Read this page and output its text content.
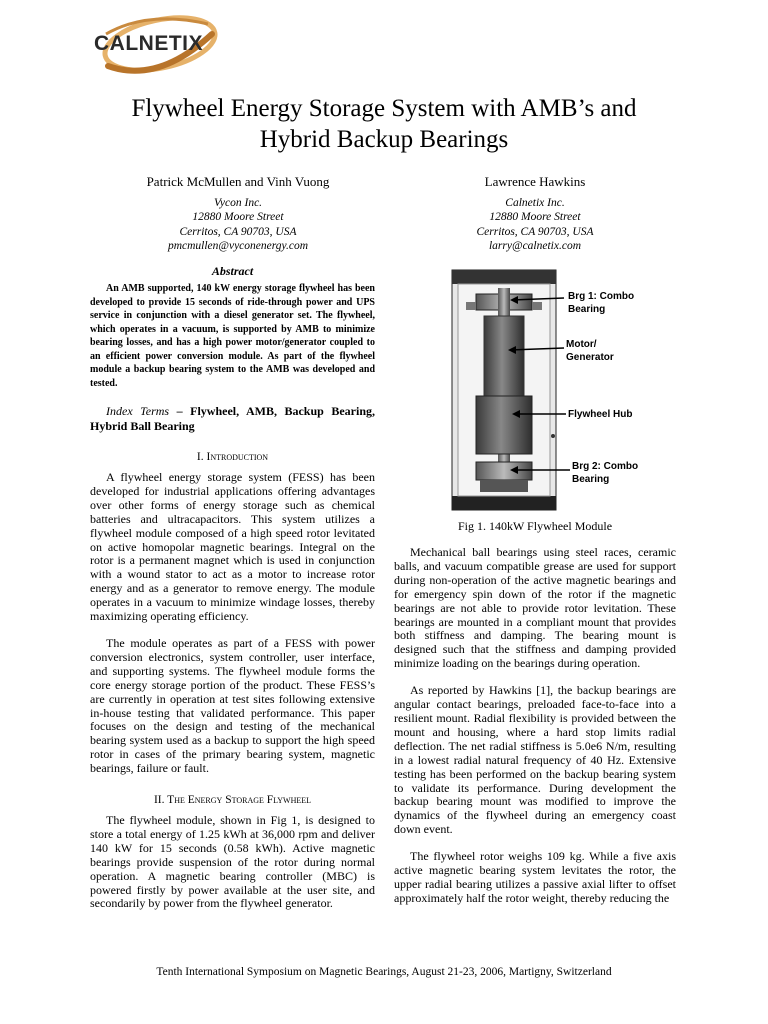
CALNETIX
Flywheel Energy Storage System with AMB’s and
Hybrid Backup Bearings
Patrick McMullen and Vinh Vuong
Vycon Inc.
12880 Moore Street
Cerritos, CA 90703, USA
pmcmullen@vyconenergy.com
Lawrence Hawkins
Calnetix Inc.
12880 Moore Street
Cerritos, CA 90703, USA
larry@calnetix.com
Abstract

An AMB supported, 140 kW energy storage flywheel has been developed to provide 15 seconds of ride-through power and UPS service in conjunction with a diesel generator set. The flywheel, which operates in a vacuum, is supported by AMB to minimize bearing losses, and has a high power motor/generator coupled to an efficient power conversion module. As part of the flywheel module a backup bearing system to the AMB was developed and tested.

Index Terms – Flywheel, AMB, Backup Bearing, Hybrid Ball Bearing

I. Introduction

A flywheel energy storage system (FESS) has been developed for industrial applications offering advantages over other forms of energy storage such as chemical batteries and ultracapacitors. This system utilizes a flywheel module composed of a high speed rotor levitated on active homopolar magnetic bearings. Integral on the rotor is a permanent magnet which is used in conjunction with a wound stator to act as a motor to increase rotor energy and as a generator to remove energy. The module operates in a vacuum to minimize windage losses, thereby maximizing operating efficiency.

The module operates as part of a FESS with power conversion electronics, system controller, user interface, and supporting systems. The flywheel module forms the core energy storage portion of the product. These FESS’s are currently in operation at test sites following extensive in-house testing that validated performance. This paper focuses on the design and testing of the mechanical bearing system used as a backup to support the high speed rotor in cases of the primary bearing system, magnetic bearings, failure or fault.

II. The Energy Storage Flywheel

The flywheel module, shown in Fig 1, is designed to store a total energy of 1.25 kWh at 36,000 rpm and deliver 140 kW for 15 seconds (0.58 kWh). Active magnetic bearings provide suspension of the rotor during normal operation. A magnetic bearing controller (MBC) is powered firstly by power available at the user site, and secondarily by power from the flywheel generator.

Brg 1: Combo
Bearing
Motor/
Generator
Flywheel Hub
Brg 2: Combo
Bearing
Fig 1. 140kW Flywheel Module

Mechanical ball bearings using steel races, ceramic balls, and vacuum compatible grease are used for support during non-operation of the active magnetic bearings and for emergency spin down of the rotor if the magnetic bearings are not able to provide rotor levitation. These bearings are mounted in a compliant mount that provides both stiffness and damping. The bearing mount is designed such that the stiffness and damping provided minimize loading on the bearings during operation.

As reported by Hawkins [1], the backup bearings are angular contact bearings, preloaded face-to-face into a resilient mount. Radial flexibility is provided between the mount and housing, where a hard stop limits radial deflection. The net radial stiffness is 5.0e6 N/m, resulting in a lowest radial natural frequency of 40 Hz. Extensive testing has been performed on the backup bearing system to validate its performance. During development the backup bearing mount was modified to improve the dynamics of the flywheel during an emergency coast down event.

The flywheel rotor weighs 109 kg. While a five axis active magnetic bearing system levitates the rotor, the upper radial bearing utilizes a passive axial lifter to offset approximately half the rotor weight, thereby reducing the

Tenth International Symposium on Magnetic Bearings, August 21-23, 2006, Martigny, Switzerland
